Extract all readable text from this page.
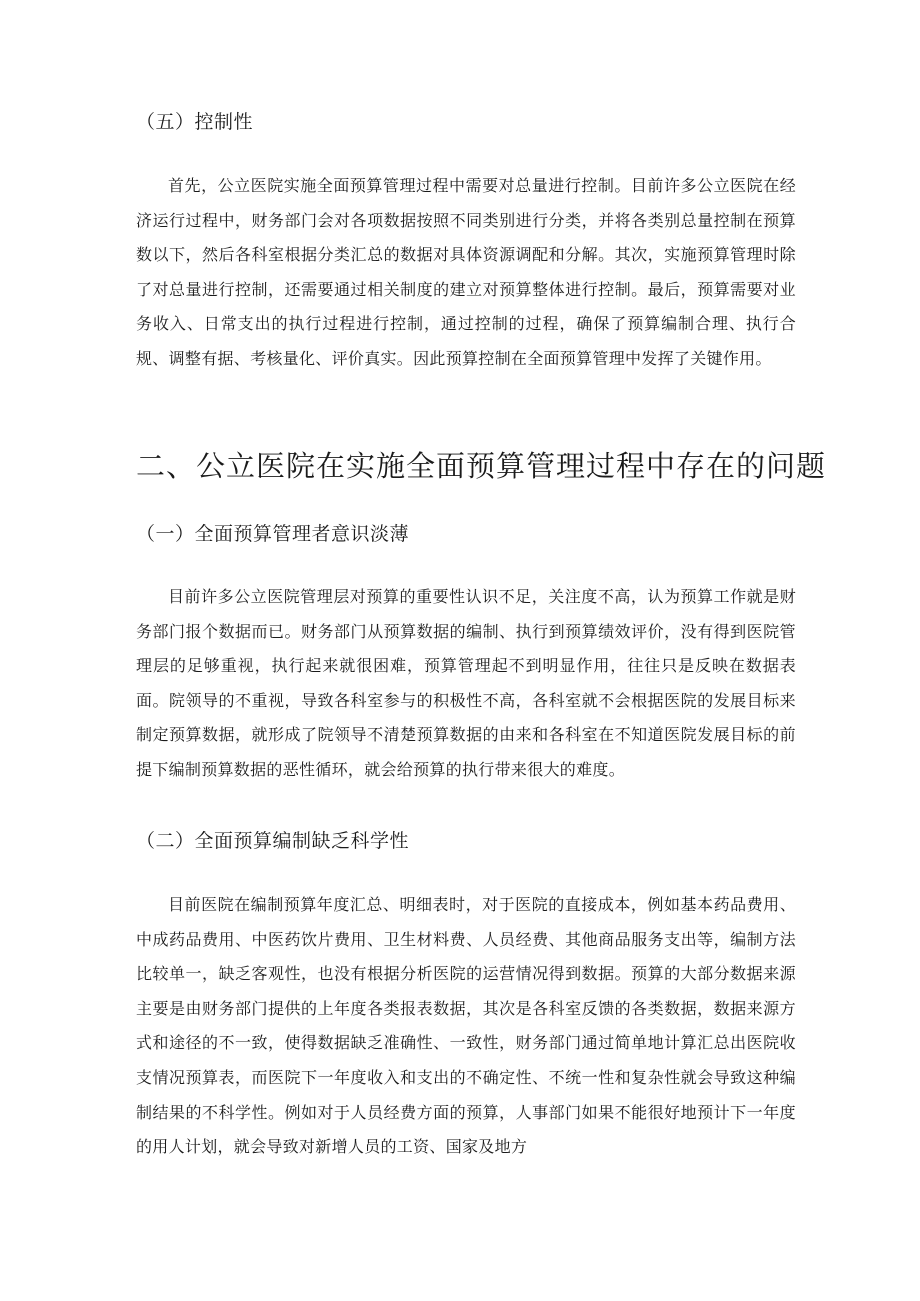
（五）控制性
首先，公立医院实施全面预算管理过程中需要对总量进行控制。目前许多公立医院在经济运行过程中，财务部门会对各项数据按照不同类别进行分类，并将各类别总量控制在预算数以下，然后各科室根据分类汇总的数据对具体资源调配和分解。其次，实施预算管理时除了对总量进行控制，还需要通过相关制度的建立对预算整体进行控制。最后，预算需要对业务收入、日常支出的执行过程进行控制，通过控制的过程，确保了预算编制合理、执行合规、调整有据、考核量化、评价真实。因此预算控制在全面预算管理中发挥了关键作用。
二、公立医院在实施全面预算管理过程中存在的问题
（一）全面预算管理者意识淡薄
目前许多公立医院管理层对预算的重要性认识不足，关注度不高，认为预算工作就是财务部门报个数据而已。财务部门从预算数据的编制、执行到预算绩效评价，没有得到医院管理层的足够重视，执行起来就很困难，预算管理起不到明显作用，往往只是反映在数据表面。院领导的不重视，导致各科室参与的积极性不高，各科室就不会根据医院的发展目标来制定预算数据，就形成了院领导不清楚预算数据的由来和各科室在不知道医院发展目标的前提下编制预算数据的恶性循环，就会给预算的执行带来很大的难度。
（二）全面预算编制缺乏科学性
目前医院在编制预算年度汇总、明细表时，对于医院的直接成本，例如基本药品费用、中成药品费用、中医药饮片费用、卫生材料费、人员经费、其他商品服务支出等，编制方法比较单一，缺乏客观性，也没有根据分析医院的运营情况得到数据。预算的大部分数据来源主要是由财务部门提供的上年度各类报表数据，其次是各科室反馈的各类数据，数据来源方式和途径的不一致，使得数据缺乏准确性、一致性，财务部门通过简单地计算汇总出医院收支情况预算表，而医院下一年度收入和支出的不确定性、不统一性和复杂性就会导致这种编制结果的不科学性。例如对于人员经费方面的预算，人事部门如果不能很好地预计下一年度的用人计划，就会导致对新增人员的工资、国家及地方
